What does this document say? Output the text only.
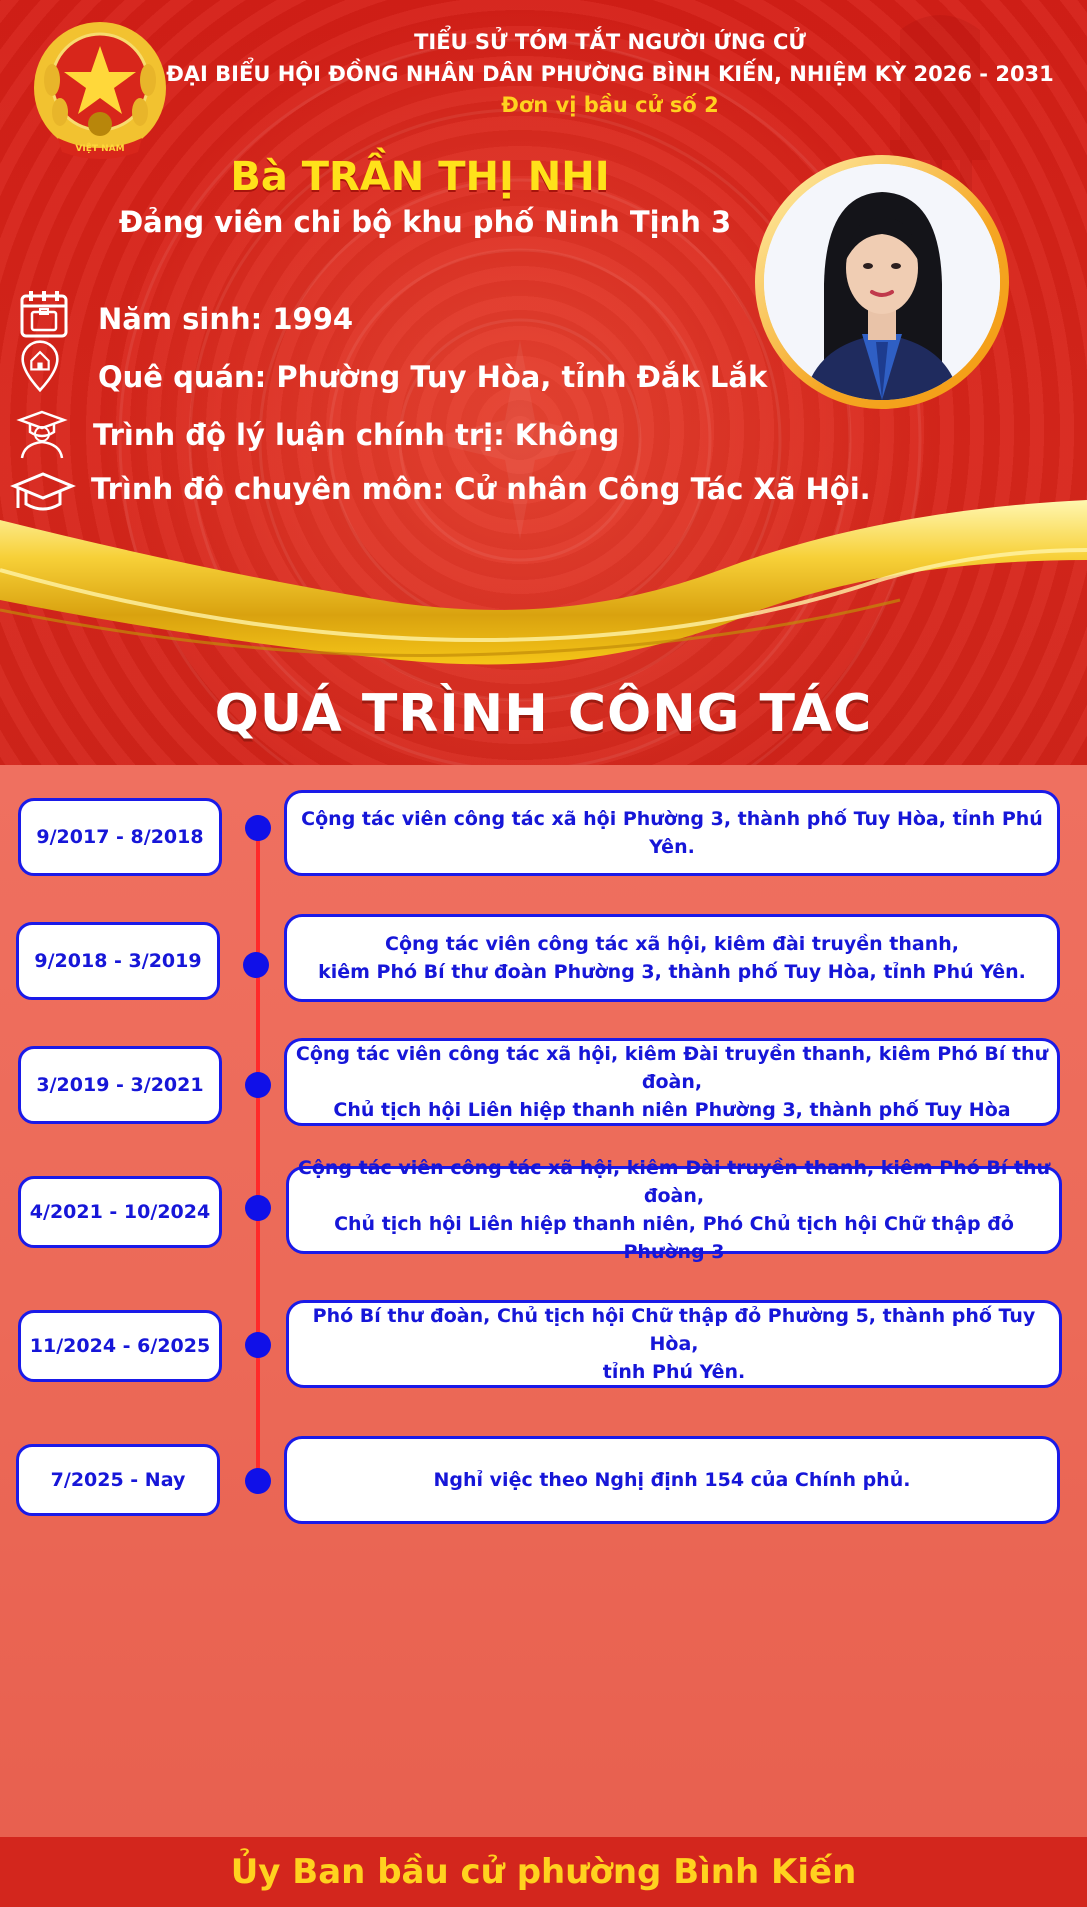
VIỆT NAM
TIỂU SỬ TÓM TẮT NGƯỜI ỨNG CỬ
ĐẠI BIỂU HỘI ĐỒNG NHÂN DÂN PHƯỜNG BÌNH KIẾN, NHIỆM KỲ 2026 - 2031
Đơn vị bầu cử số 2
Bà TRẦN THỊ NHI
Đảng viên chi bộ khu phố Ninh Tịnh 3
Năm sinh: 1994
Quê quán: Phường Tuy Hòa, tỉnh Đắk Lắk
Trình độ lý luận chính trị: Không
Trình độ chuyên môn: Cử nhân Công Tác Xã Hội.
QUÁ TRÌNH CÔNG TÁC
9/2017 - 8/2018
Cộng tác viên công tác xã hội Phường 3, thành phố Tuy Hòa, tỉnh Phú Yên.
9/2018 - 3/2019
Cộng tác viên công tác xã hội, kiêm đài truyền thanh,
kiêm Phó Bí thư đoàn Phường 3, thành phố Tuy Hòa, tỉnh Phú Yên.
3/2019 - 3/2021
Cộng tác viên công tác xã hội, kiêm Đài truyền thanh, kiêm Phó Bí thư đoàn,
Chủ tịch hội Liên hiệp thanh niên Phường 3, thành phố Tuy Hòa
4/2021 - 10/2024
Cộng tác viên công tác xã hội, kiêm Đài truyền thanh, kiêm Phó Bí thư đoàn,
Chủ tịch hội Liên hiệp thanh niên, Phó Chủ tịch hội Chữ thập đỏ Phường 3
11/2024 - 6/2025
Phó Bí thư đoàn, Chủ tịch hội Chữ thập đỏ Phường 5, thành phố Tuy Hòa,
tỉnh Phú Yên.
7/2025 - Nay	Nghỉ việc theo Nghị định 154 của Chính phủ.
Ủy Ban bầu cử phường Bình Kiến
